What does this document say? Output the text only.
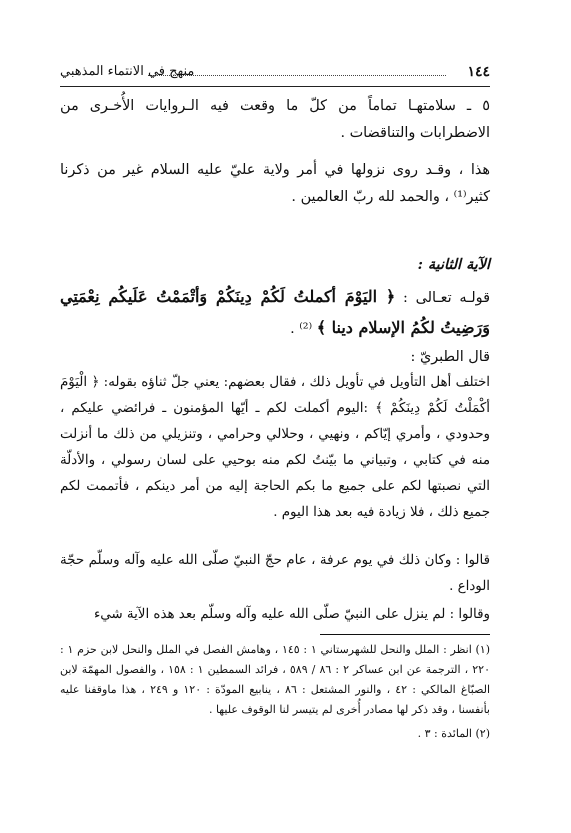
١٤٤
منهج في الانتماء المذهبي

٥ ـ سلامتهـا تماماً من كلّ ما وقعت فيه الـروايات الأُخـرى من الاضطرابات والتناقضات .

هذا ، وقـد روى نزولها في أمر ولاية عليّ عليه السلام غير من ذكرنا كثير⁽¹⁾ ، والحمد لله ربّ العالمين .

الآية الثانية :

قولـه تعـالى : ﴿ اليَوْمَ أكملتُ لَكُمْ دِينَكُمْ وَأتْمَمْتُ عَلَيكُم نِعْمَتِي وَرَضِيتُ لكُمُ الإسلام دينا ﴾ ⁽²⁾ .

قال الطبريّ :

اختلف أهل التأويل في تأويل ذلك ، فقال بعضهم: يعني جلّ ثناؤه بقوله: ﴿ الْيَوْمَ أكْمَلْتُ لَكُمْ دِينَكُمْ ﴾ :اليوم أكملت لكم ـ أيّها المؤمنون ـ فرائضي عليكم ، وحدودي ، وأمري إيّاكم ، ونهيي ، وحلالي وحرامي ، وتنزيلي من ذلك ما أنزلت منه في كتابي ، وتبياني ما بيّنتُ لكم منه بوحيي على لسان رسولي ، والأدلّة التي نصبتها لكم على جميع ما بكم الحاجة إليه من أمر دينكم ، فأتممت لكم جميع ذلك ، فلا زيادة فيه بعد هذا اليوم .

قالوا : وكان ذلك في يوم عرفة ، عام حجّ النبيّ صلّى الله عليه وآله وسلّم حجّة الوداع .

وقالوا : لم ينزل على النبيّ صلّى الله عليه وآله وسلّم بعد هذه الآية شيء

(١) انظر : الملل والنحل للشهرستاني ١ : ١٤٥ ، وهامش الفصل في الملل والنحل لابن حزم ١ : ٢٢٠ ، الترجمة عن ابن عساكر ٢ : ٨٦ / ٥٨٩ ، فرائد السمطين ١ : ١٥٨ ، والفصول المهمّة لابن الصبّاغ المالكي : ٤٢ ، والنور المشتعل : ٨٦ ، ينابيع المودّة : ١٢٠ و ٢٤٩ ، هذا ماوقفنا عليه بأنفسنا ، وقد ذكر لها مصادر أُخرى لم يتيسر لنا الوقوف عليها .

(٢) المائدة : ٣ .
